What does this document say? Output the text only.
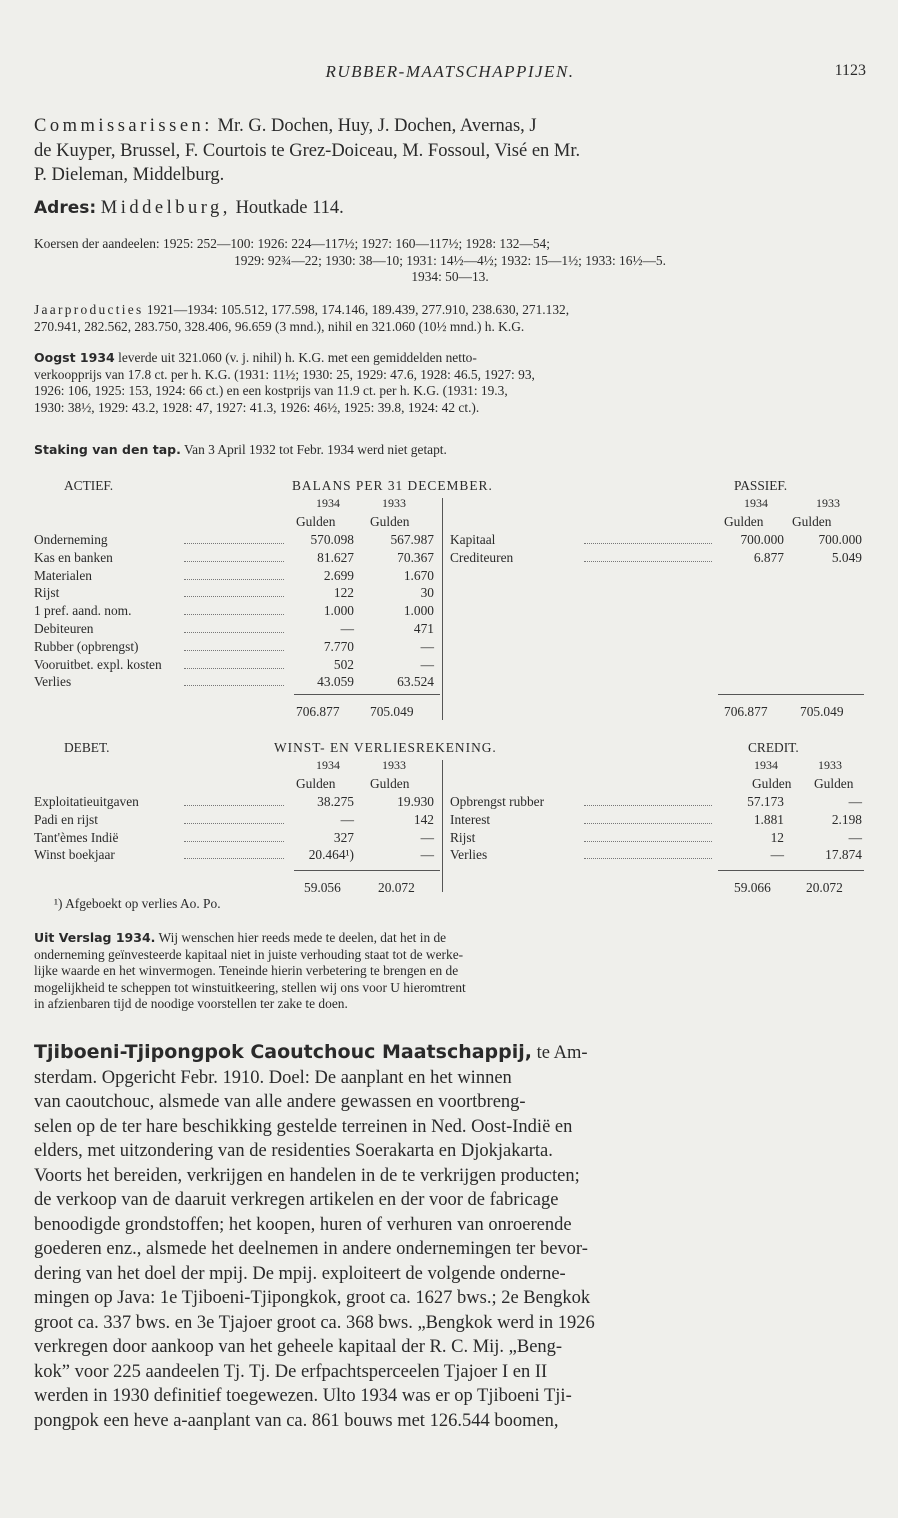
RUBBER-MAATSCHAPPIJEN.	1123
Commissarissen: Mr. G. Dochen, Huy, J. Dochen, Avernas, J
de Kuyper, Brussel, F. Courtois te Grez-Doiceau, M. Fossoul, Visé en Mr.
P. Dieleman, Middelburg.
Adres: Middelburg, Houtkade 114.
Koersen der aandeelen: 1925: 252—100: 1926: 224—117½; 1927: 160—117½; 1928: 132—54;
1929: 92¾—22; 1930: 38—10; 1931: 14½—4½; 1932: 15—1½; 1933: 16½—5.
1934: 50—13.
Jaarproducties 1921—1934: 105.512, 177.598, 174.146, 189.439, 277.910, 238.630, 271.132,
270.941, 282.562, 283.750, 328.406, 96.659 (3 mnd.), nihil en 321.060 (10½ mnd.) h. K.G.
Oogst 1934 leverde uit 321.060 (v. j. nihil) h. K.G. met een gemiddelden netto-
verkoopprijs van 17.8 ct. per h. K.G. (1931: 11½; 1930: 25, 1929: 47.6, 1928: 46.5, 1927: 93,
1926: 106, 1925: 153, 1924: 66 ct.) en een kostprijs van 11.9 ct. per h. K.G. (1931: 19.3,
1930: 38½, 1929: 43.2, 1928: 47, 1927: 41.3, 1926: 46½, 1925: 39.8, 1924: 42 ct.).
Staking van den tap. Van 3 April 1932 tot Febr. 1934 werd niet getapt.
ACTIEF.	BALANS PER 31 DECEMBER.	PASSIEF.
1934	1933	1934	1933
Gulden	Gulden	Gulden Gulden
Onderneming	570.098	567.987
Kas en banken	81.627	70.367
Materialen	2.699	1.670
Rijst	122	30
1 pref. aand. nom.	1.000	1.000
Debiteuren	—	471
Rubber (opbrengst)	7.770	—
Vooruitbet. expl. kosten	502	—
Verlies	43.059	63.524
Kapitaal	700.000	700.000
Crediteuren	6.877	5.049
706.877 705.049	706.877 705.049
DEBET.	WINST- EN VERLIESREKENING.	CREDIT.
1934	1933	1934	1933
Gulden	Gulden	Gulden Gulden
Exploitatieuitgaven	38.275	19.930
Padi en rijst	—	142
Tant'èmes Indië	327	—
Winst boekjaar	20.464¹)	—
Opbrengst rubber	57.173	—
Interest	1.881	2.198
Rijst	12	—
Verlies	—	17.874
59.056	20.072	59.066	20.072
¹) Afgeboekt op verlies Ao. Po.
Uit Verslag 1934. Wij wenschen hier reeds mede te deelen, dat het in de
onderneming geïnvesteerde kapitaal niet in juiste verhouding staat tot de werke-
lijke waarde en het winvermogen. Teneinde hierin verbetering te brengen en de
mogelijkheid te scheppen tot winstuitkeering, stellen wij ons voor U hieromtrent
in afzienbaren tijd de noodige voorstellen ter zake te doen.
Tjiboeni-Tjipongpok Caoutchouc Maatschappij, te Am-
sterdam. Opgericht Febr. 1910. Doel: De aanplant en het winnen
van caoutchouc, alsmede van alle andere gewassen en voortbreng-
selen op de ter hare beschikking gestelde terreinen in Ned. Oost-Indië en
elders, met uitzondering van de residenties Soerakarta en Djokjakarta.
Voorts het bereiden, verkrijgen en handelen in de te verkrijgen producten;
de verkoop van de daaruit verkregen artikelen en der voor de fabricage
benoodigde grondstoffen; het koopen, huren of verhuren van onroerende
goederen enz., alsmede het deelnemen in andere ondernemingen ter bevor-
dering van het doel der mpij. De mpij. exploiteert de volgende onderne-
mingen op Java: 1e Tjiboeni-Tjipongkok, groot ca. 1627 bws.; 2e Bengkok
groot ca. 337 bws. en 3e Tjajoer groot ca. 368 bws. „Bengkok werd in 1926
verkregen door aankoop van het geheele kapitaal der R. C. Mij. „Beng-
kok” voor 225 aandeelen Tj. Tj. De erfpachtsperceelen Tjajoer I en II
werden in 1930 definitief toegewezen. Ulto 1934 was er op Tjiboeni Tji-
pongpok een heve a-aanplant van ca. 861 bouws met 126.544 boomen,
